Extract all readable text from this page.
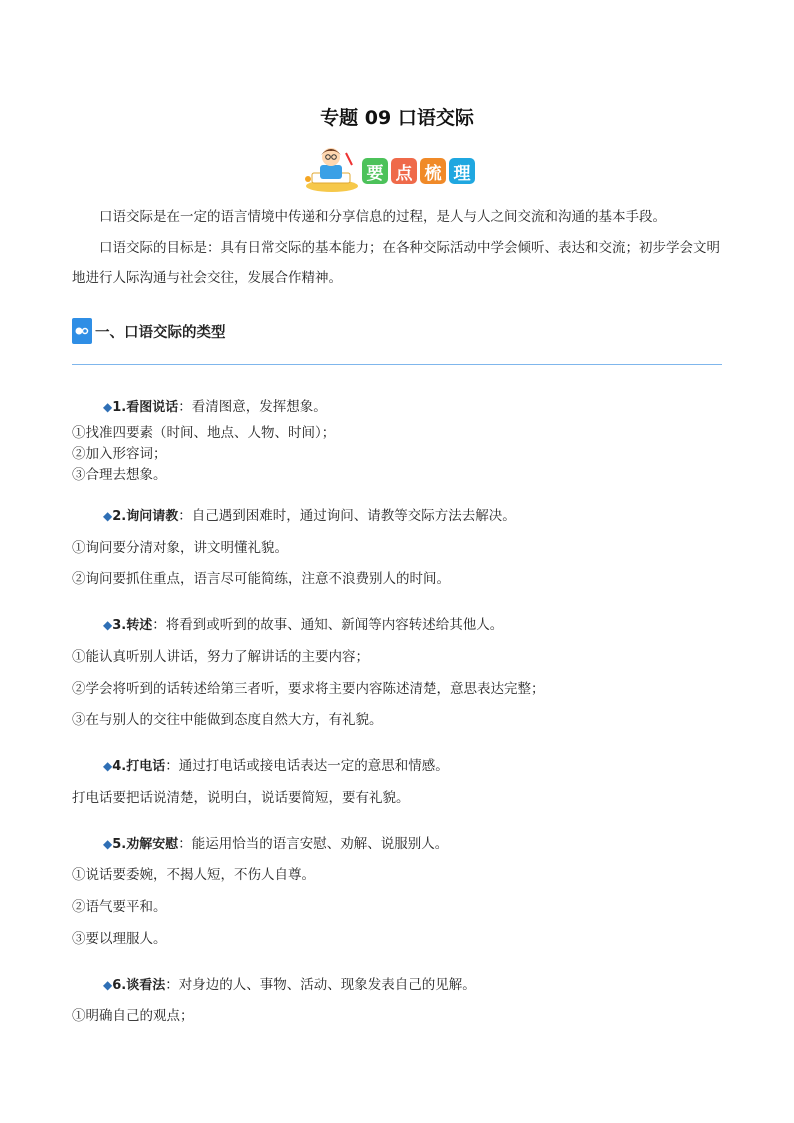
专题 09 口语交际
要 点 梳 理
口语交际是在一定的语言情境中传递和分享信息的过程，是人与人之间交流和沟通的基本手段。
口语交际的目标是：具有日常交际的基本能力；在各种交际活动中学会倾听、表达和交流；初步学会文明地进行人际沟通与社会交往，发展合作精神。
一、口语交际的类型
◆1.看图说话：看清图意，发挥想象。
①找准四要素（时间、地点、人物、时间）；
②加入形容词；
③合理去想象。
◆2.询问请教：自己遇到困难时，通过询问、请教等交际方法去解决。
①询问要分清对象，讲文明懂礼貌。
②询问要抓住重点，语言尽可能简练，注意不浪费别人的时间。
◆3.转述：将看到或听到的故事、通知、新闻等内容转述给其他人。
①能认真听别人讲话，努力了解讲话的主要内容；
②学会将听到的话转述给第三者听，要求将主要内容陈述清楚，意思表达完整；
③在与别人的交往中能做到态度自然大方，有礼貌。
◆4.打电话：通过打电话或接电话表达一定的意思和情感。
打电话要把话说清楚，说明白，说话要简短，要有礼貌。
◆5.劝解安慰：能运用恰当的语言安慰、劝解、说服别人。
①说话要委婉，不揭人短，不伤人自尊。
②语气要平和。
③要以理服人。
◆6.谈看法：对身边的人、事物、活动、现象发表自己的见解。
①明确自己的观点；
